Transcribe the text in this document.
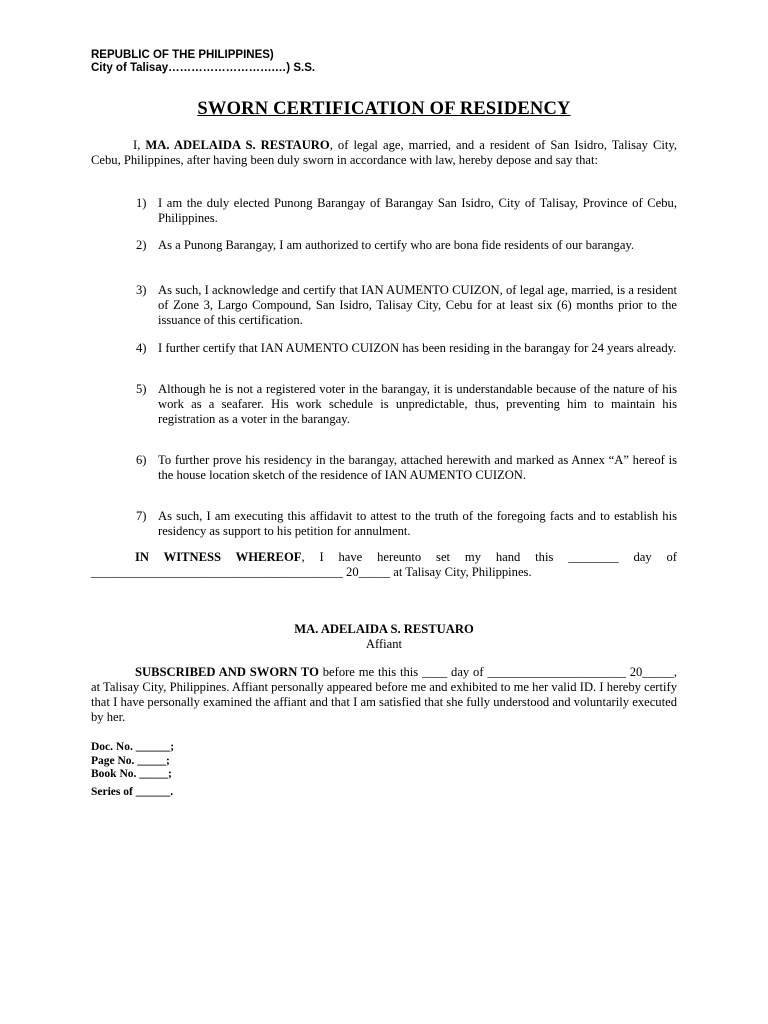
REPUBLIC OF THE PHILIPPINES)
City of Talisay……………………….…) S.S.
SWORN CERTIFICATION OF RESIDENCY
I, MA. ADELAIDA S. RESTAURO, of legal age, married, and a resident of San Isidro, Talisay City, Cebu, Philippines, after having been duly sworn in accordance with law, hereby depose and say that:
1) I am the duly elected Punong Barangay of Barangay San Isidro, City of Talisay, Province of Cebu, Philippines.
2) As a Punong Barangay, I am authorized to certify who are bona fide residents of our barangay.
3) As such, I acknowledge and certify that IAN AUMENTO CUIZON, of legal age, married, is a resident of Zone 3, Largo Compound, San Isidro, Talisay City, Cebu for at least six (6) months prior to the issuance of this certification.
4) I further certify that IAN AUMENTO CUIZON has been residing in the barangay for 24 years already.
5) Although he is not a registered voter in the barangay, it is understandable because of the nature of his work as a seafarer. His work schedule is unpredictable, thus, preventing him to maintain his registration as a voter in the barangay.
6) To further prove his residency in the barangay, attached herewith and marked as Annex “A” hereof is the house location sketch of the residence of IAN AUMENTO CUIZON.
7) As such, I am executing this affidavit to attest to the truth of the foregoing facts and to establish his residency as support to his petition for annulment.
IN WITNESS WHEREOF, I have hereunto set my hand this ________ day of ________________________________________ 20_____ at Talisay City, Philippines.
MA. ADELAIDA S. RESTUARO
Affiant
SUBSCRIBED AND SWORN TO before me this this ____ day of ______________________ 20_____, at Talisay City, Philippines. Affiant personally appeared before me and exhibited to me her valid ID. I hereby certify that I have personally examined the affiant and that I am satisfied that she fully understood and voluntarily executed by her.
Doc. No. ______;
Page No. _____;
Book No. _____;
Series of ______.
